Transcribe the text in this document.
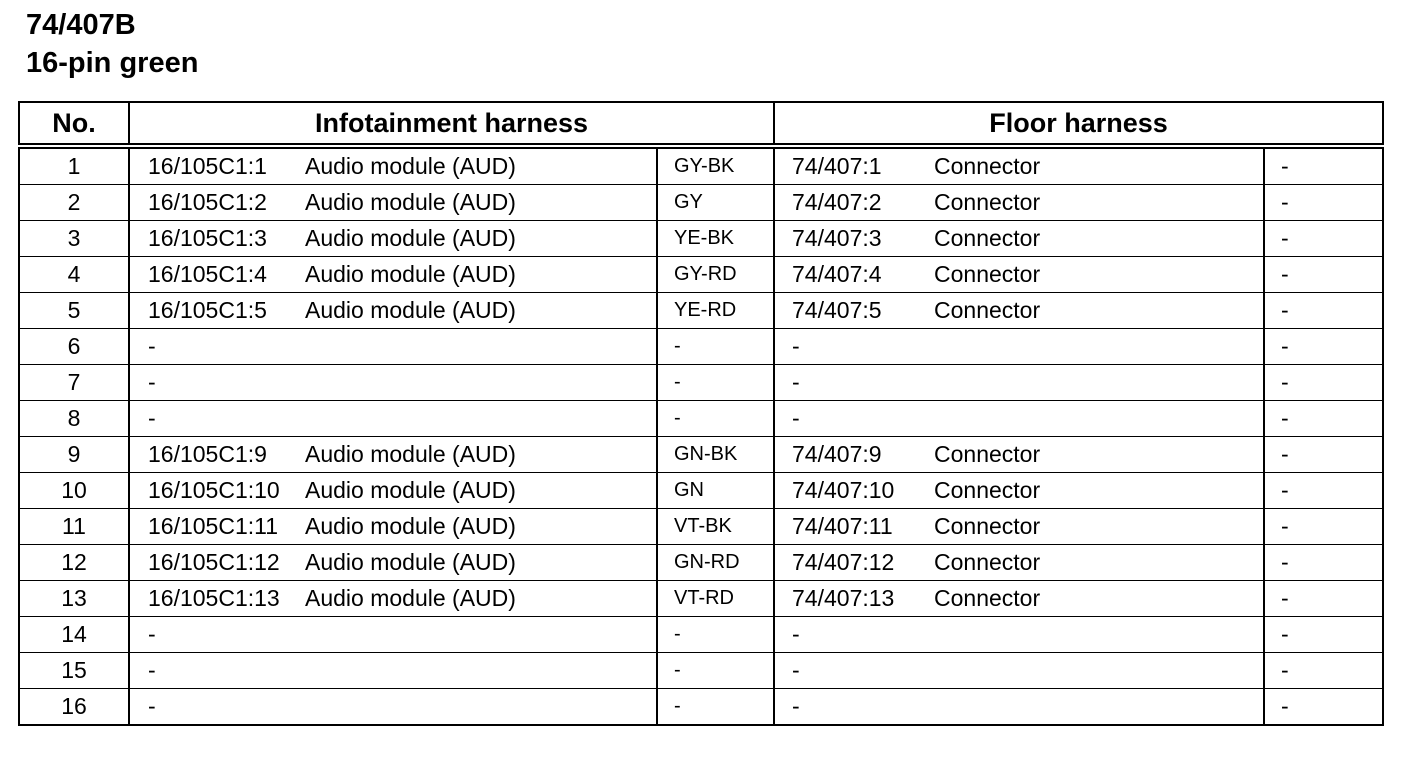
74/407B
16-pin green
No.	Infotainment harness		Floor harness	
1	16/105C1:1 Audio module (AUD)	GY-BK	74/407:1 Connector	-
2	16/105C1:2 Audio module (AUD)	GY	74/407:2 Connector	-
3	16/105C1:3 Audio module (AUD)	YE-BK	74/407:3 Connector	-
4	16/105C1:4 Audio module (AUD)	GY-RD	74/407:4 Connector	-
5	16/105C1:5 Audio module (AUD)	YE-RD	74/407:5 Connector	-
6	-	-	-	-
7	-	-	-	-
8	-	-	-	-
9	16/105C1:9 Audio module (AUD)	GN-BK	74/407:9 Connector	-
10	16/105C1:10 Audio module (AUD)	GN	74/407:10 Connector	-
11	16/105C1:11 Audio module (AUD)	VT-BK	74/407:11 Connector	-
12	16/105C1:12 Audio module (AUD)	GN-RD	74/407:12 Connector	-
13	16/105C1:13 Audio module (AUD)	VT-RD	74/407:13 Connector	-
14	-	-	-	-
15	-	-	-	-
16	-	-	-	-
